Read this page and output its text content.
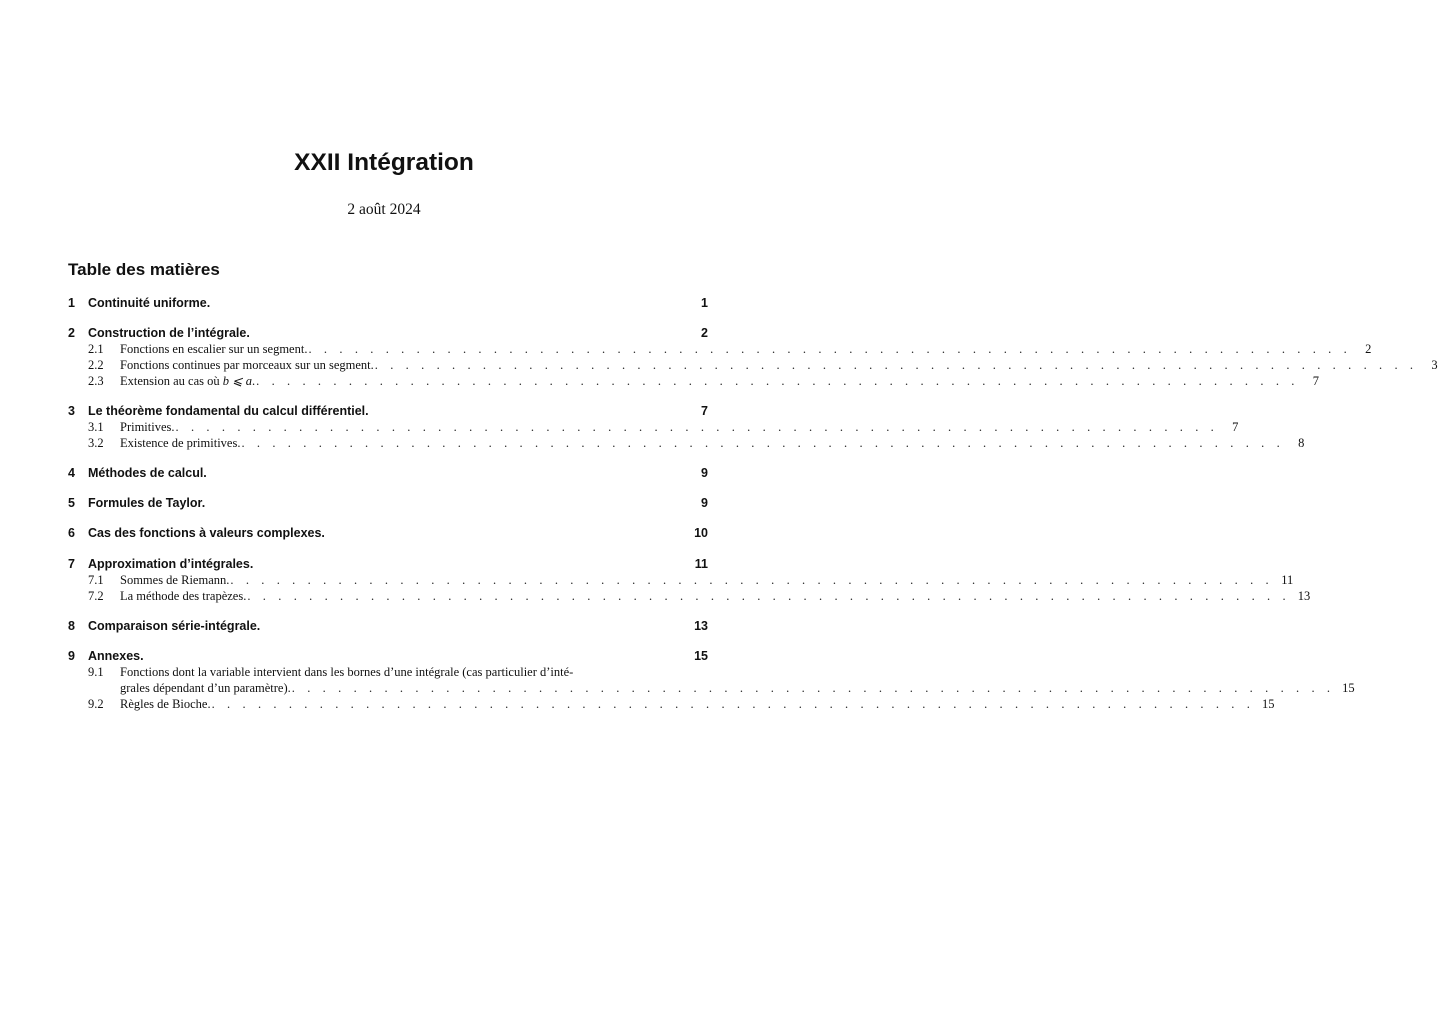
XXII Intégration
2 août 2024
Table des matières
1	Continuité uniforme.	1
2	Construction de l’intégrale.	2
2.1	Fonctions en escalier sur un segment. . . . . . . . . . . . . . . . . . . . . . . . . . . . . . . . . . . . . . . . . . . . . . . . . . . . . . . . . . . . . . . . . . . . .	2
2.2	Fonctions continues par morceaux sur un segment. . . . . . . . . . . . . . . . . . . . . . . . . . . . . . . . . . . . . . . . . . . . . . . . . . . . . . . . . . . . . . . . . . . . .	3
2.3	Extension au cas où b ⩽ a. . . . . . . . . . . . . . . . . . . . . . . . . . . . . . . . . . . . . . . . . . . . . . . . . . . . . . . . . . . . . . . . . . . . .	7
3	Le théorème fondamental du calcul différentiel.	7
3.1	Primitives. . . . . . . . . . . . . . . . . . . . . . . . . . . . . . . . . . . . . . . . . . . . . . . . . . . . . . . . . . . . . . . . . . . . .	7
3.2	Existence de primitives. . . . . . . . . . . . . . . . . . . . . . . . . . . . . . . . . . . . . . . . . . . . . . . . . . . . . . . . . . . . . . . . . . . . .	8
4	Méthodes de calcul.	9
5	Formules de Taylor.	9
6	Cas des fonctions à valeurs complexes.	10
7	Approximation d’intégrales.	11
7.1	Sommes de Riemann. . . . . . . . . . . . . . . . . . . . . . . . . . . . . . . . . . . . . . . . . . . . . . . . . . . . . . . . . . . . . . . . . . . . . 11
7.2	La méthode des trapèzes. . . . . . . . . . . . . . . . . . . . . . . . . . . . . . . . . . . . . . . . . . . . . . . . . . . . . . . . . . . . . . . . . . . . . 13
8	Comparaison série-intégrale.	13
9	Annexes.	15
9.1 Fonctions dont la variable intervient dans les bornes d’une intégrale (cas particulier d’inté-
grales dépendant d’un paramètre). . . . . . . . . . . . . . . . . . . . . . . . . . . . . . . . . . . . . . . . . . . . . . . . . . . . . . . . . . . . . . . . . . . . . 15
9.2	Règles de Bioche. . . . . . . . . . . . . . . . . . . . . . . . . . . . . . . . . . . . . . . . . . . . . . . . . . . . . . . . . . . . . . . . . . . . . 15
